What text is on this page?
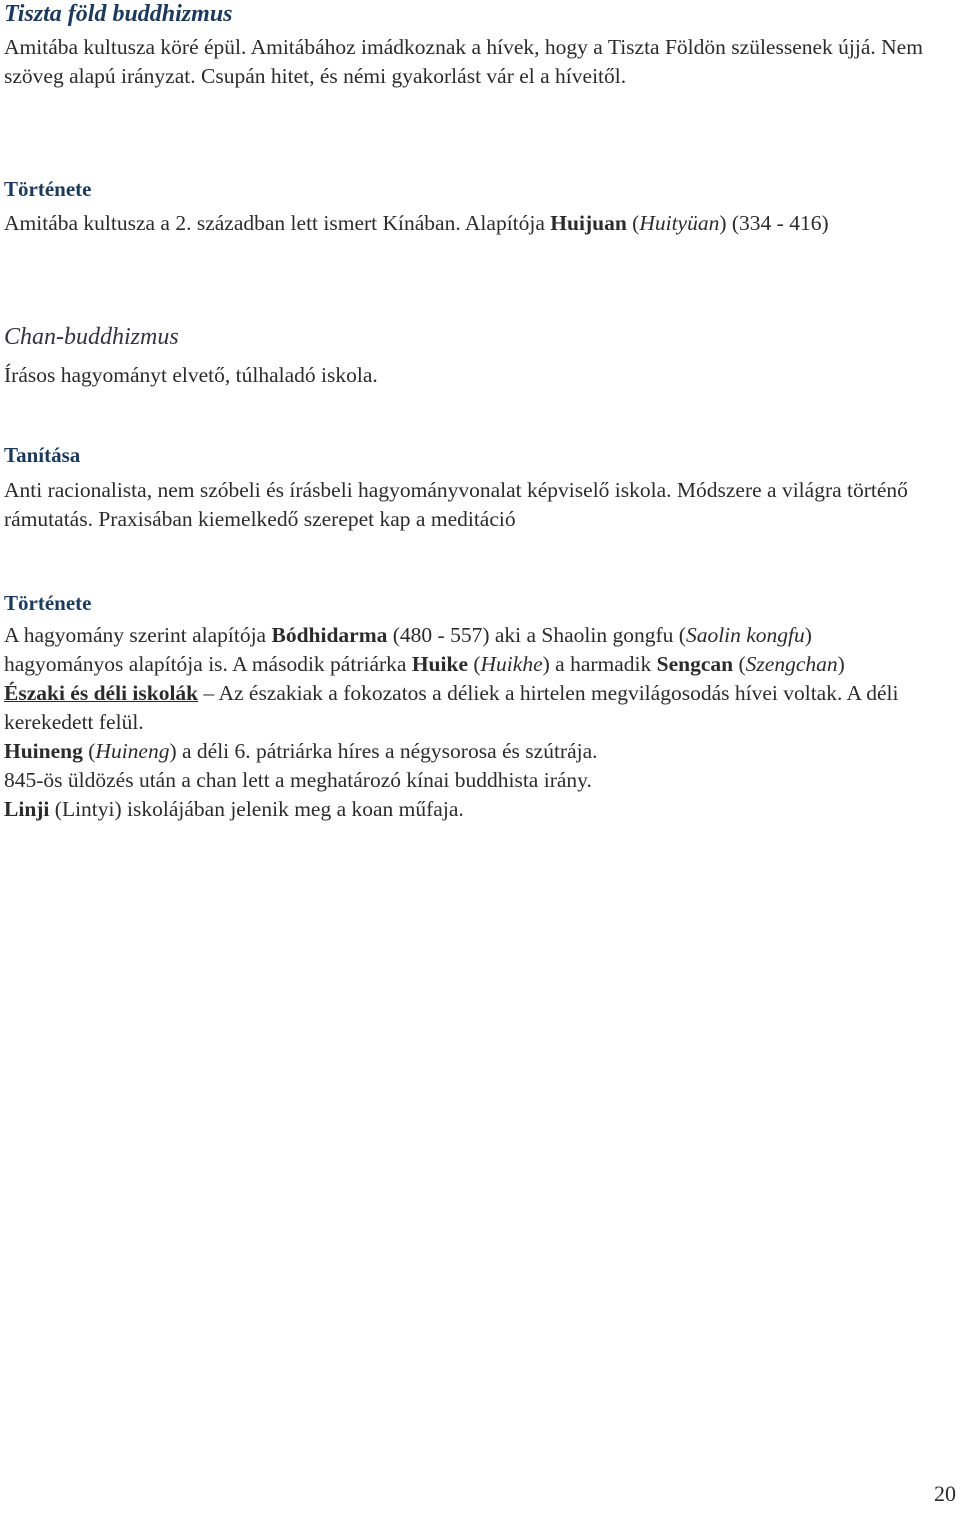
Tiszta föld buddhizmus

Amitába kultusza köré épül. Amitábához imádkoznak a hívek, hogy a Tiszta Földön szülessenek újjá. Nem szöveg alapú irányzat. Csupán hitet, és némi gyakorlást vár el a híveitől.

Története

Amitába kultusza a 2. században lett ismert Kínában. Alapítója Huijuan (Huityüan) (334 - 416)

Chan-buddhizmus

Írásos hagyományt elvető, túlhaladó iskola.

Tanítása

Anti racionalista, nem szóbeli és írásbeli hagyományvonalat képviselő iskola. Módszere a világra történő rámutatás. Praxisában kiemelkedő szerepet kap a meditáció

Története

A hagyomány szerint alapítója Bódhidarma (480 - 557) aki a Shaolin gongfu (Saolin kongfu) hagyományos alapítója is. A második pátriárka Huike (Huikhe) a harmadik Sengcan (Szengchan)

Északi és déli iskolák – Az északiak a fokozatos a déliek a hirtelen megvilágosodás hívei voltak. A déli kerekedett felül.

Huineng (Huineng) a déli 6. pátriárka híres a négysorosa és szútrája.

845-ös üldözés után a chan lett a meghatározó kínai buddhista irány.

Linji (Lintyi) iskolájában jelenik meg a koan műfaja.

20
